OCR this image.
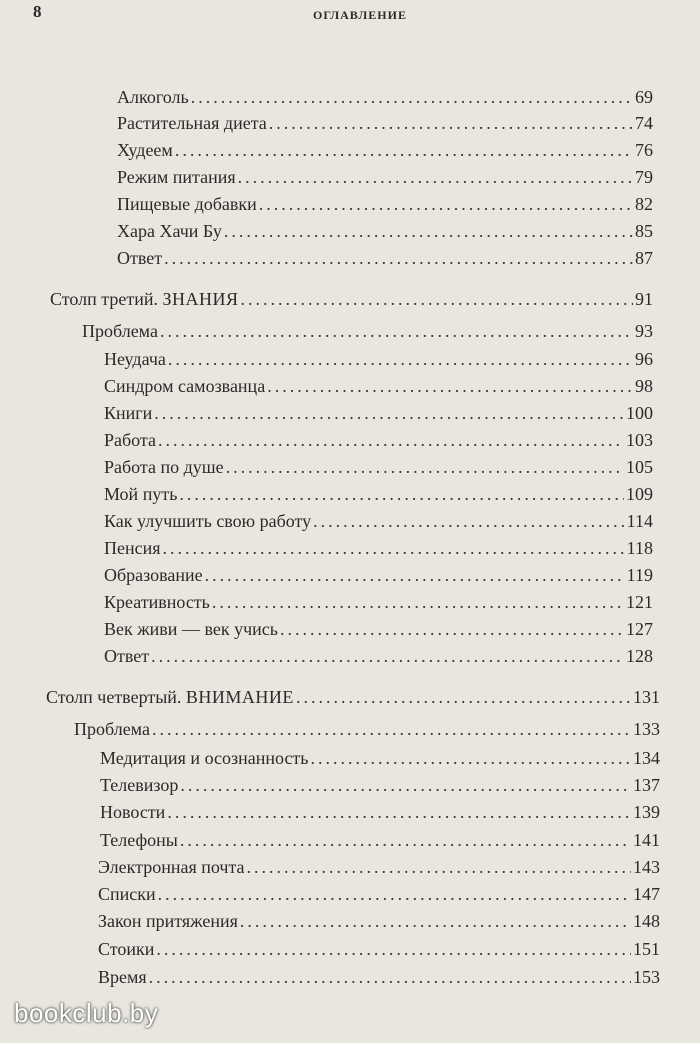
8	ОГЛАВЛЕНИЕ
Алкоголь .....	69
Растительная диета .....	74
Худеем .....	76
Режим питания .....	79
Пищевые добавки .....	82
Хара Хачи Бу .....	85
Ответ .....	87
Столп третий. ЗНАНИЯ .....	91
Проблема .....	93
Неудача .....	96
Синдром самозванца .....	98
Книги .....	100
Работа .....	103
Работа по душе .....	105
Мой путь .....	109
Как улучшить свою работу .....	114
Пенсия .....	118
Образование .....	119
Креативность .....	121
Век живи — век учись .....	127
Ответ .....	128
Столп четвертый. ВНИМАНИЕ .....	131
Проблема .....	133
Медитация и осознанность .....	134
Телевизор .....	137
Новости .....	139
Телефоны .....	141
Электронная почта .....	143
Списки .....	147
Закон притяжения .....	148
Стоики .....	151
Время .....	153
bookclub.by
